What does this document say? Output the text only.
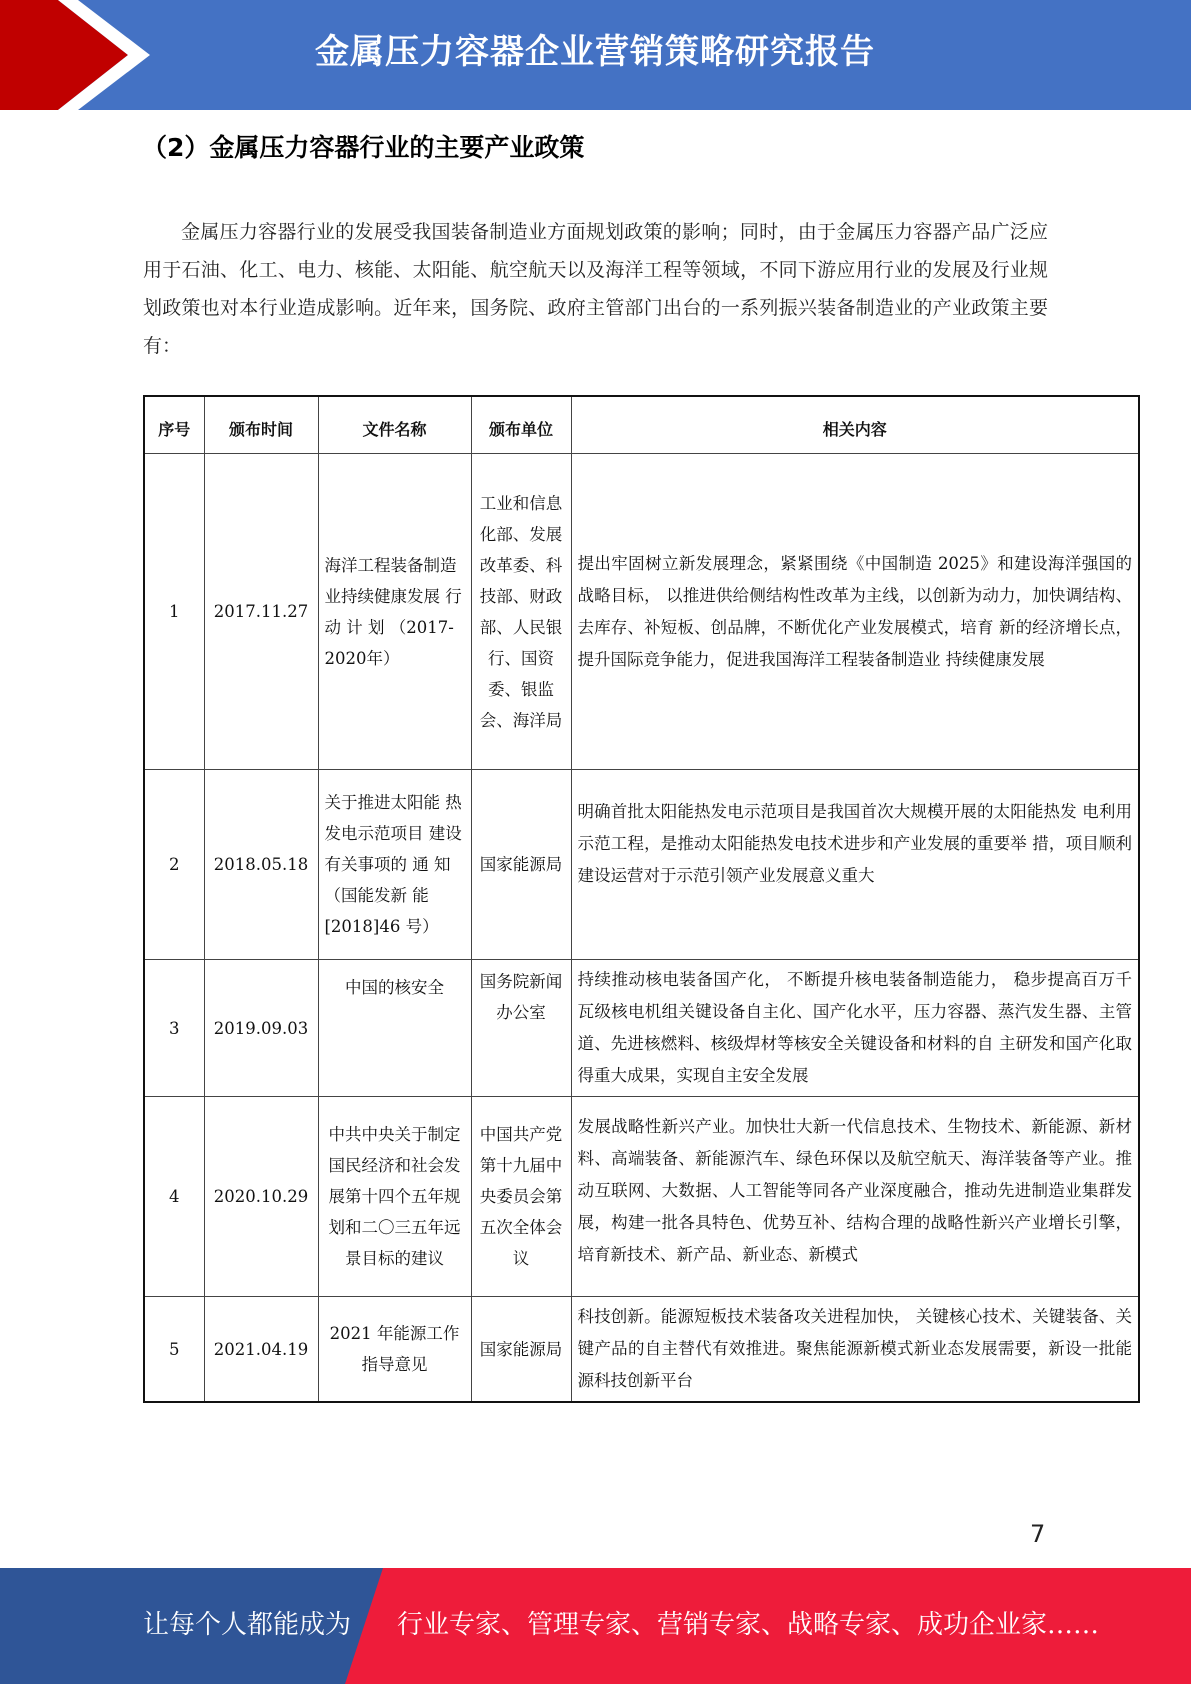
金属压力容器企业营销策略研究报告
（2）金属压力容器行业的主要产业政策

金属压力容器行业的发展受我国装备制造业方面规划政策的影响；同时，由于金属压力容器产品广泛应用于石油、化工、电力、核能、太阳能、航空航天以及海洋工程等领域，不同下游应用行业的发展及行业规划政策也对本行业造成影响。近年来，国务院、政府主管部门出台的一系列振兴装备制造业的产业政策主要有：

序号	颁布时间	文件名称	颁布单位	相关内容
1	2017.11.27	海洋工程装备制造业持续健康发展 行 动 计 划 （2017-2020年）	工业和信息化部、发展改革委、科技部、财政部、人民银行、国资委、银监会、海洋局	提出牢固树立新发展理念，紧紧围绕《中国制造 2025》和建设海洋强国的战略目标， 以推进供给侧结构性改革为主线，以创新为动力，加快调结构、去库存、补短板、创品牌，不断优化产业发展模式，培育 新的经济增长点，提升国际竞争能力，促进我国海洋工程装备制造业 持续健康发展
2	2018.05.18	关于推进太阳能 热发电示范项目 建设有关事项的 通 知 （国能发新 能[2018]46 号）	国家能源局	明确首批太阳能热发电示范项目是我国首次大规模开展的太阳能热发 电利用示范工程，是推动太阳能热发电技术进步和产业发展的重要举 措，项目顺利建设运营对于示范引领产业发展意义重大
3	2019.09.03	中国的核安全	国务院新闻办公室	持续推动核电装备国产化， 不断提升核电装备制造能力， 稳步提高百万千瓦级核电机组关键设备自主化、国产化水平，压力容器、蒸汽发生器、主管道、先进核燃料、核级焊材等核安全关键设备和材料的自 主研发和国产化取得重大成果，实现自主安全发展
4	2020.10.29	中共中央关于制定国民经济和社会发展第十四个五年规划和二〇三五年远景目标的建议	中国共产党第十九届中央委员会第五次全体会议	发展战略性新兴产业。加快壮大新一代信息技术、生物技术、新能源、新材料、高端装备、新能源汽车、绿色环保以及航空航天、海洋装备等产业。推动互联网、大数据、人工智能等同各产业深度融合，推动先进制造业集群发展，构建一批各具特色、优势互补、结构合理的战略性新兴产业增长引擎，培育新技术、新产品、新业态、新模式
5	2021.04.19	2021 年能源工作 指导意见	国家能源局	科技创新。能源短板技术装备攻关进程加快， 关键核心技术、关键装备、关键产品的自主替代有效推进。聚焦能源新模式新业态发展需要，新设一批能源科技创新平台
7
让每个人都能成为 行业专家、管理专家、营销专家、战略专家、成功企业家……
